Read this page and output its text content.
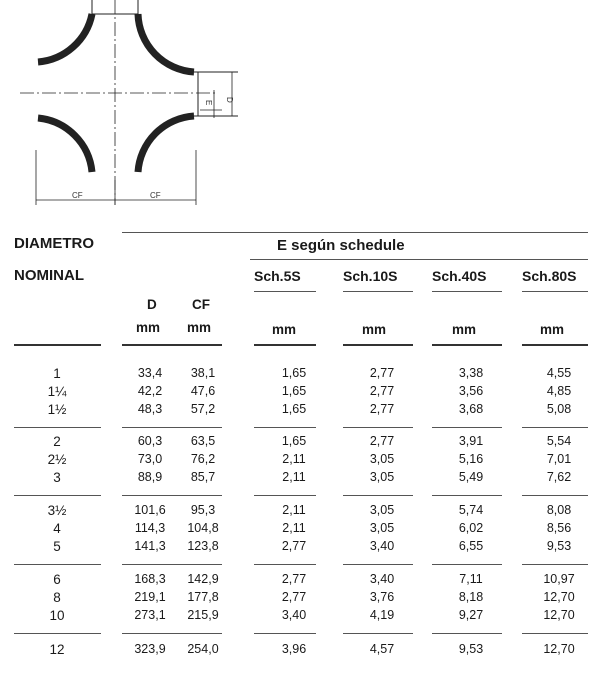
CF	CF
D
E
DIAMETRO
NOMINAL
E según schedule
Sch.5S	Sch.10S Sch.40S	Sch.80S
D	CF
mm mm	mm	mm	mm	mm
1	33,4 38,1	1,65	2,77	3,38	4,55
1¼	42,2 47,6	1,65	2,77	3,56	4,85
1½	48,3 57,2	1,65	2,77	3,68	5,08
2	60,3 63,5	1,65	2,77	3,91	5,54
2½	73,0 76,2	2,11	3,05	5,16	7,01
3	88,9 85,7	2,11	3,05	5,49	7,62
3½	101,6 95,3	2,11	3,05	5,74	8,08
4	114,3 104,8	2,11	3,05	6,02	8,56
5	141,3 123,8	2,77	3,40	6,55	9,53
6	168,3 142,9	2,77	3,40	7,11	10,97
8	219,1 177,8	2,77	3,76	8,18	12,70
10	273,1 215,9	3,40	4,19	9,27	12,70
12	323,9 254,0	3,96	4,57	9,53	12,70
